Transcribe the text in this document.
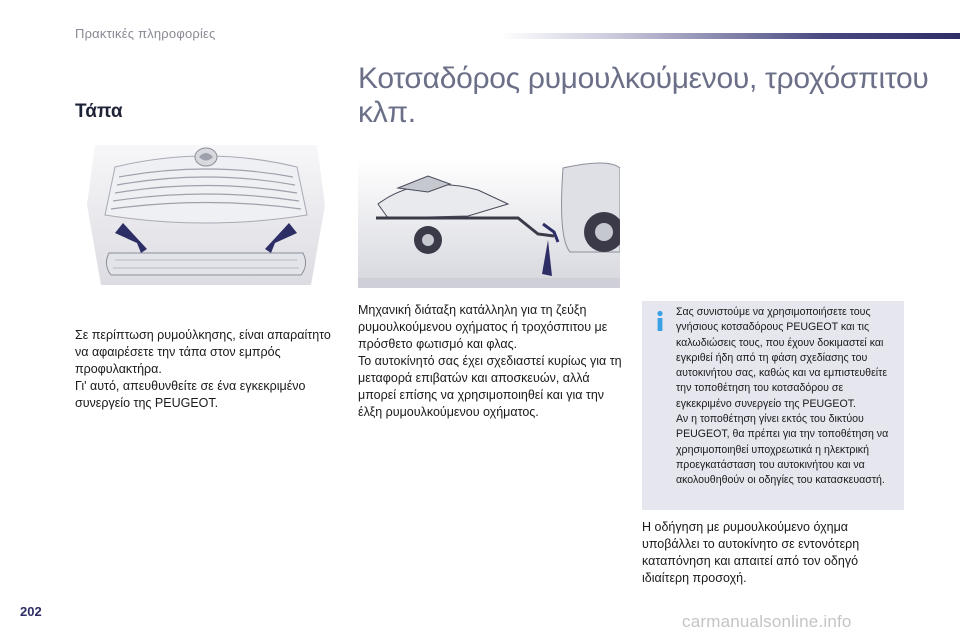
Πρακτικές πληροφορίες
Κοτσαδόρος ρυμουλκούμενου, τροχόσπιτου κλπ.
Τάπα

Σε περίπτωση ρυμούλκησης, είναι απαραίτητο να αφαιρέσετε την τάπα στον εμπρός προφυλακτήρα.

Γι' αυτό, απευθυνθείτε σε ένα εγκεκριμένο συνεργείο της PEUGEOT.

Μηχανική διάταξη κατάλληλη για τη ζεύξη ρυμουλκούμενου οχήματος ή τροχόσπιτου με πρόσθετο φωτισμό και φλας.

Το αυτοκίνητό σας έχει σχεδιαστεί κυρίως για τη μεταφορά επιβατών και αποσκευών, αλλά μπορεί επίσης να χρησιμοποιηθεί και για την έλξη ρυμουλκούμενου οχήματος.

Σας συνιστούμε να χρησιμοποιήσετε τους γνήσιους κοτσαδόρους PEUGEOT και τις καλωδιώσεις τους, που έχουν δοκιμαστεί και εγκριθεί ήδη από τη φάση σχεδίασης του αυτοκινήτου σας, καθώς και να εμπιστευθείτε την τοποθέτηση του κοτσαδόρου σε εγκεκριμένο συνεργείο της PEUGEOT.

Αν η τοποθέτηση γίνει εκτός του δικτύου PEUGEOT, θα πρέπει για την τοποθέτηση να χρησιμοποιηθεί υποχρεωτικά η ηλεκτρική προεγκατάσταση του αυτοκινήτου και να ακολουθηθούν οι οδηγίες του κατασκευαστή.

Η οδήγηση με ρυμουλκούμενο όχημα υποβάλλει το αυτοκίνητο σε εντονότερη καταπόνηση και απαιτεί από τον οδηγό ιδιαίτερη προσοχή.

202
carmanualsonline.info
